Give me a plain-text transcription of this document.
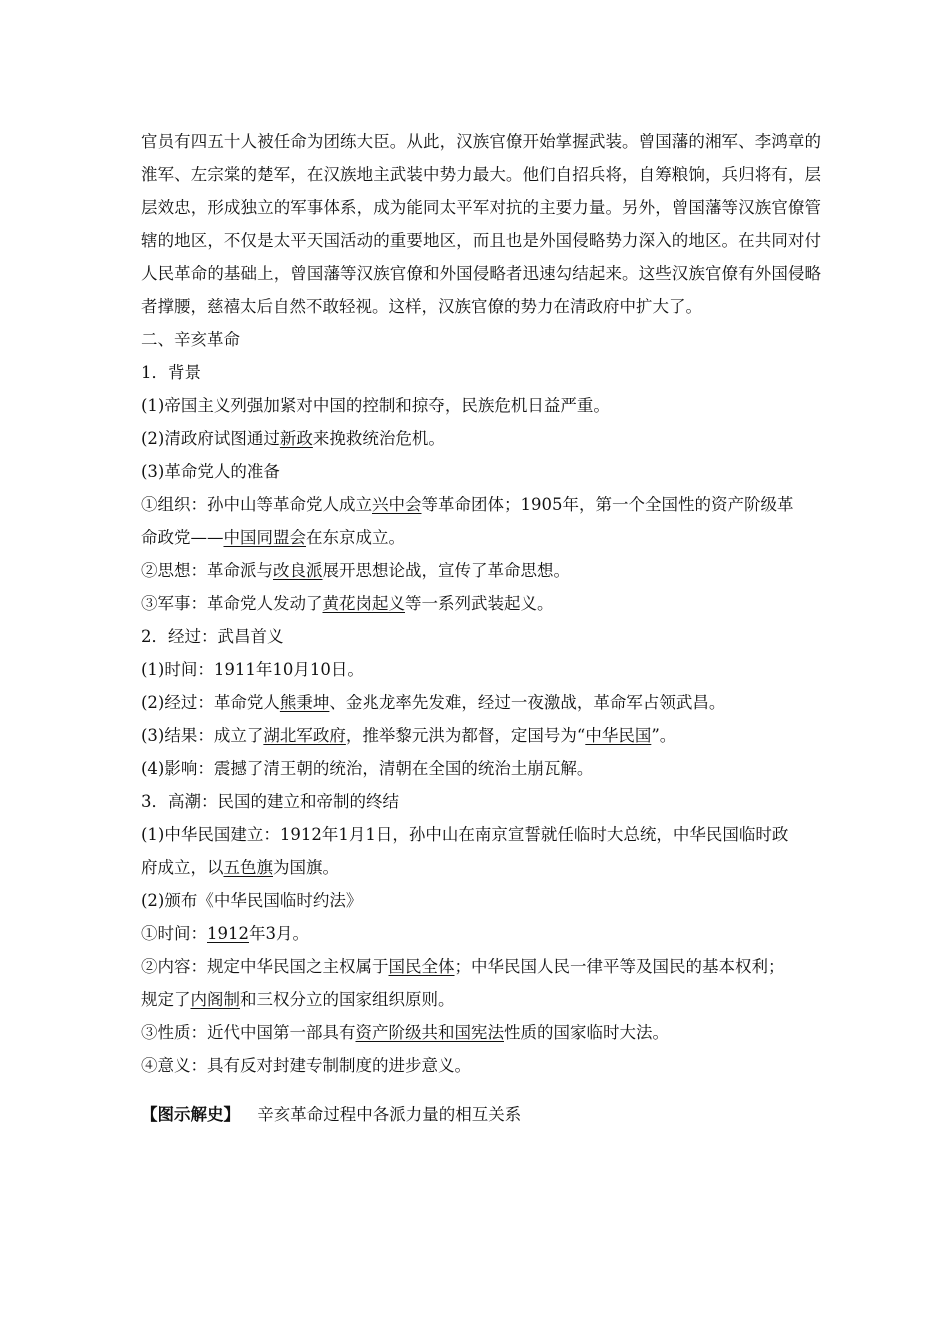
官员有四五十人被任命为团练大臣。从此，汉族官僚开始掌握武装。曾国藩的湘军、李鸿章的淮军、左宗棠的楚军，在汉族地主武装中势力最大。他们自招兵将，自筹粮饷，兵归将有，层层效忠，形成独立的军事体系，成为能同太平军对抗的主要力量。另外，曾国藩等汉族官僚管辖的地区，不仅是太平天国活动的重要地区，而且也是外国侵略势力深入的地区。在共同对付人民革命的基础上，曾国藩等汉族官僚和外国侵略者迅速勾结起来。这些汉族官僚有外国侵略者撑腰，慈禧太后自然不敢轻视。这样，汉族官僚的势力在清政府中扩大了。

二、辛亥革命

1．背景

(1)帝国主义列强加紧对中国的控制和掠夺，民族危机日益严重。

(2)清政府试图通过新政来挽救统治危机。

(3)革命党人的准备

①组织：孙中山等革命党人成立兴中会等革命团体；1905年，第一个全国性的资产阶级革

命政党——中国同盟会在东京成立。

②思想：革命派与改良派展开思想论战，宣传了革命思想。

③军事：革命党人发动了黄花岗起义等一系列武装起义。

2．经过：武昌首义

(1)时间：1911年10月10日。

(2)经过：革命党人熊秉坤、金兆龙率先发难，经过一夜激战，革命军占领武昌。

(3)结果：成立了湖北军政府，推举黎元洪为都督，定国号为“中华民国”。

(4)影响：震撼了清王朝的统治，清朝在全国的统治土崩瓦解。

3．高潮：民国的建立和帝制的终结

(1)中华民国建立：1912年1月1日，孙中山在南京宣誓就任临时大总统，中华民国临时政

府成立，以五色旗为国旗。

(2)颁布《中华民国临时约法》

①时间：1912年3月。

②内容：规定中华民国之主权属于国民全体；中华民国人民一律平等及国民的基本权利；

规定了内阁制和三权分立的国家组织原则。

③性质：近代中国第一部具有资产阶级共和国宪法性质的国家临时大法。

④意义：具有反对封建专制制度的进步意义。

【图示解史】 辛亥革命过程中各派力量的相互关系
